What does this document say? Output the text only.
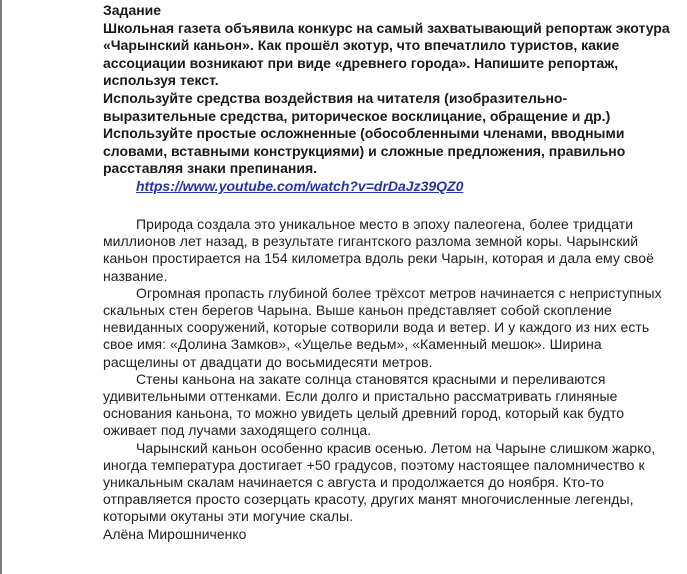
Задание

Школьная газета объявила конкурс на самый захватывающий репортаж экотура «Чарынский каньон». Как прошёл экотур, что впечатлило туристов, какие ассоциации возникают при виде «древнего города». Напишите репортаж, используя текст.

Используйте средства воздействия на читателя (изобразительно-выразительные средства, риторическое восклицание, обращение и др.)

Используйте простые осложненные (обособленными членами, вводными словами, вставными конструкциями) и сложные предложения, правильно расставляя знаки препинания.

https://www.youtube.com/watch?v=drDaJz39QZ0

Природа создала это уникальное место в эпоху палеогена, более тридцати миллионов лет назад, в результате гигантского разлома земной коры. Чарынский каньон простирается на 154 километра вдоль реки Чарын, которая и дала ему своё название.

Огромная пропасть глубиной более трёхсот метров начинается с неприступных скальных стен берегов Чарына. Выше каньон представляет собой скопление невиданных сооружений, которые сотворили вода и ветер. И у каждого из них есть свое имя: «Долина Замков», «Ущелье ведьм», «Каменный мешок». Ширина расщелины от двадцати до восьмидесяти метров.

Стены каньона на закате солнца становятся красными и переливаются удивительными оттенками. Если долго и пристально рассматривать глиняные основания каньона, то можно увидеть целый древний город, который как будто оживает под лучами заходящего солнца.

Чарынский каньон особенно красив осенью. Летом на Чарыне слишком жарко, иногда температура достигает +50 градусов, поэтому настоящее паломничество к уникальным скалам начинается с августа и продолжается до ноября. Кто-то отправляется просто созерцать красоту, других манят многочисленные легенды, которыми окутаны эти могучие скалы.

Алёна Мирошниченко
